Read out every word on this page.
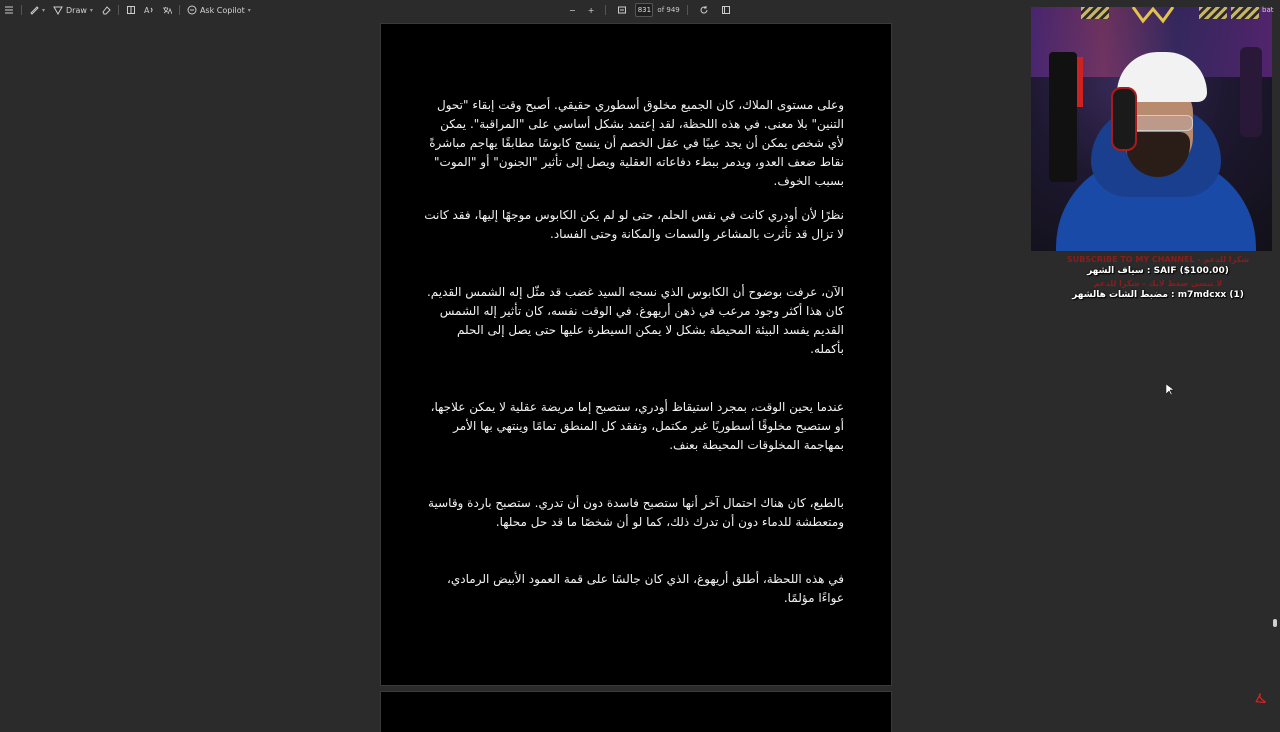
▾	Draw ▾	A	Ask Copilot ▾	−	+
831	of 949

وعلى مستوى الملاك، كان الجميع مخلوق أسطوري حقيقي. أصبح وقت إبقاء "تحول التنين" بلا معنى. في هذه اللحظة، لقد إعتمد بشكل أساسي على "المراقبة". يمكن لأي شخص يمكن أن يجد عيبًا في عقل الخصم أن ينسج كابوسًا مطابقًا يهاجم مباشرةً نقاط ضعف العدو، ويدمر ببطء دفاعاته العقلية ويصل إلى تأثير "الجنون" أو "الموت" بسبب الخوف.

نظرًا لأن أودري كانت في نفس الحلم، حتى لو لم يكن الكابوس موجهًا إليها، فقد كانت لا تزال قد تأثرت بالمشاعر والسمات والمكانة وحتى الفساد.

الآن، عرفت بوضوح أن الكابوس الذي نسجه السيد غضب قد مثّل إله الشمس القديم. كان هذا أكثر وجود مرعب في ذهن أريهوغ. في الوقت نفسه، كان تأثير إله الشمس القديم يفسد البيئة المحيطة بشكل لا يمكن السيطرة عليها حتى يصل إلى الحلم بأكمله.

عندما يحين الوقت، بمجرد استيقاظ أودري، ستصبح إما مريضة عقلية لا يمكن علاجها، أو ستصبح مخلوقًا أسطوريًا غير مكتمل، وتفقد كل المنطق تمامًا وينتهي بها الأمر بمهاجمة المخلوقات المحيطة بعنف.

بالطبع، كان هناك احتمال آخر أنها ستصبح فاسدة دون أن تدري. ستصبح باردة وقاسية ومتعطشة للدماء دون أن تدرك ذلك، كما لو أن شخصًا ما قد حل محلها.

في هذه اللحظة، أطلق أريهوغ، الذي كان جالسًا على قمة العمود الأبيض الرمادي، عواءًا مؤلمًا.

bat
SUBSCRIBE TO MY CHANNEL - شكرا للدعم
سياف الشهر : SAIF ($100.00)
لا تنسى ضغط لايك - شكرا للدعم
مضبط الشات هالشهر : m7mdcxx (1)
